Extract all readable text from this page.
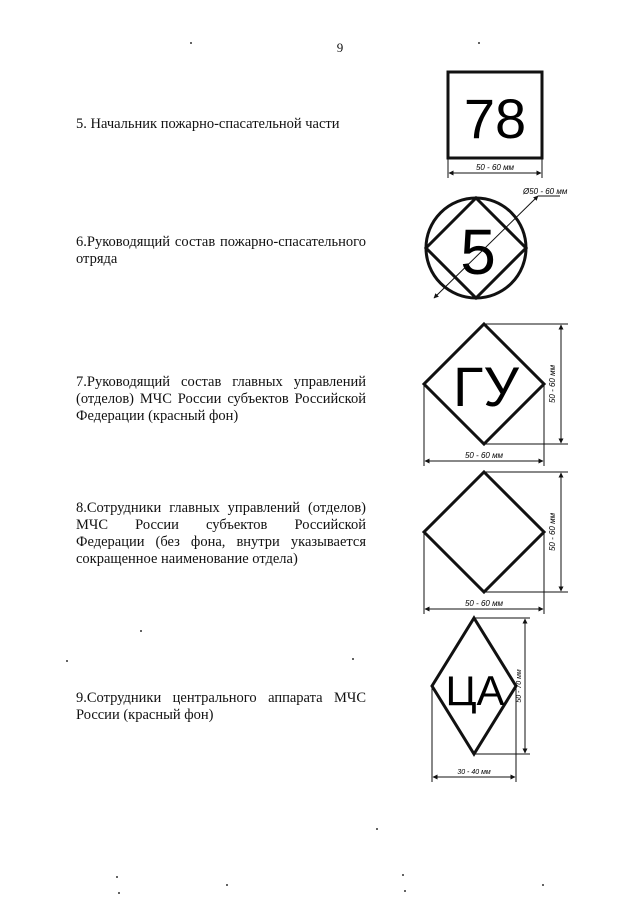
9
5. Начальник пожарно-спасательной части	78
50 - 60 мм
6.Руководящий состав пожарно-спасательного отряда	5
Ø50 - 60 мм
7.Руководящий состав главных управлений (отделов) МЧС России субъектов Российской Федерации (красный фон)	ГУ	50 - 60 мм
50 - 60 мм
8.Сотрудники главных управлений (отделов) МЧС России субъектов Российской Федерации (без фона, внутри указывается сокращенное наименование отдела)
50 - 60 мм
50 - 60 мм
9.Сотрудники центрального аппарата МЧС России (красный фон)
ЦА 50 - 70 мм
30 - 40 мм
